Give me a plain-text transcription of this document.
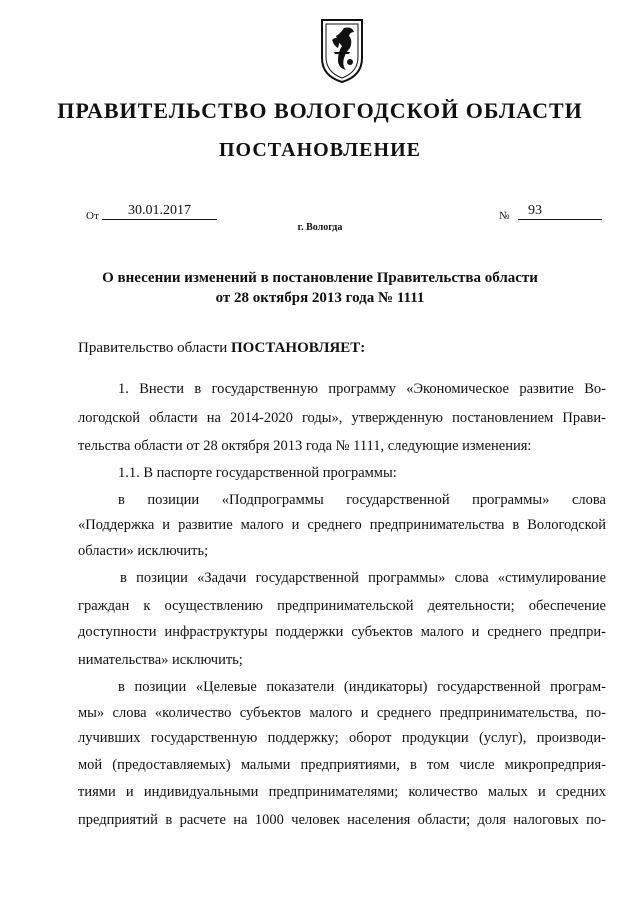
ПРАВИТЕЛЬСТВО ВОЛОГОДСКОЙ ОБЛАСТИ
ПОСТАНОВЛЕНИЕ
От	30.01.2017	№	93
г. Вологда
О внесении изменений в постановление Правительства области
от 28 октября 2013 года № 1111
Правительство области ПОСТАНОВЛЯЕТ:
1. Внести в государственную программу «Экономическое развитие Во-
логодской области на 2014-2020 годы», утвержденную постановлением Прави-
тельства области от 28 октября 2013 года № 1111, следующие изменения:
1.1. В паспорте государственной программы:
в позиции «Подпрограммы государственной программы» слова
«Поддержка и развитие малого и среднего предпринимательства в Вологодской
области» исключить;
в позиции «Задачи государственной программы» слова «стимулирование
граждан к осуществлению предпринимательской деятельности; обеспечение
доступности инфраструктуры поддержки субъектов малого и среднего предпри-
нимательства» исключить;
в позиции «Целевые показатели (индикаторы) государственной програм-
мы» слова «количество субъектов малого и среднего предпринимательства, по-
лучивших государственную поддержку; оборот продукции (услуг), производи-
мой (предоставляемых) малыми предприятиями, в том числе микропредприя-
тиями и индивидуальными предпринимателями; количество малых и средних
предприятий в расчете на 1000 человек населения области; доля налоговых по-
